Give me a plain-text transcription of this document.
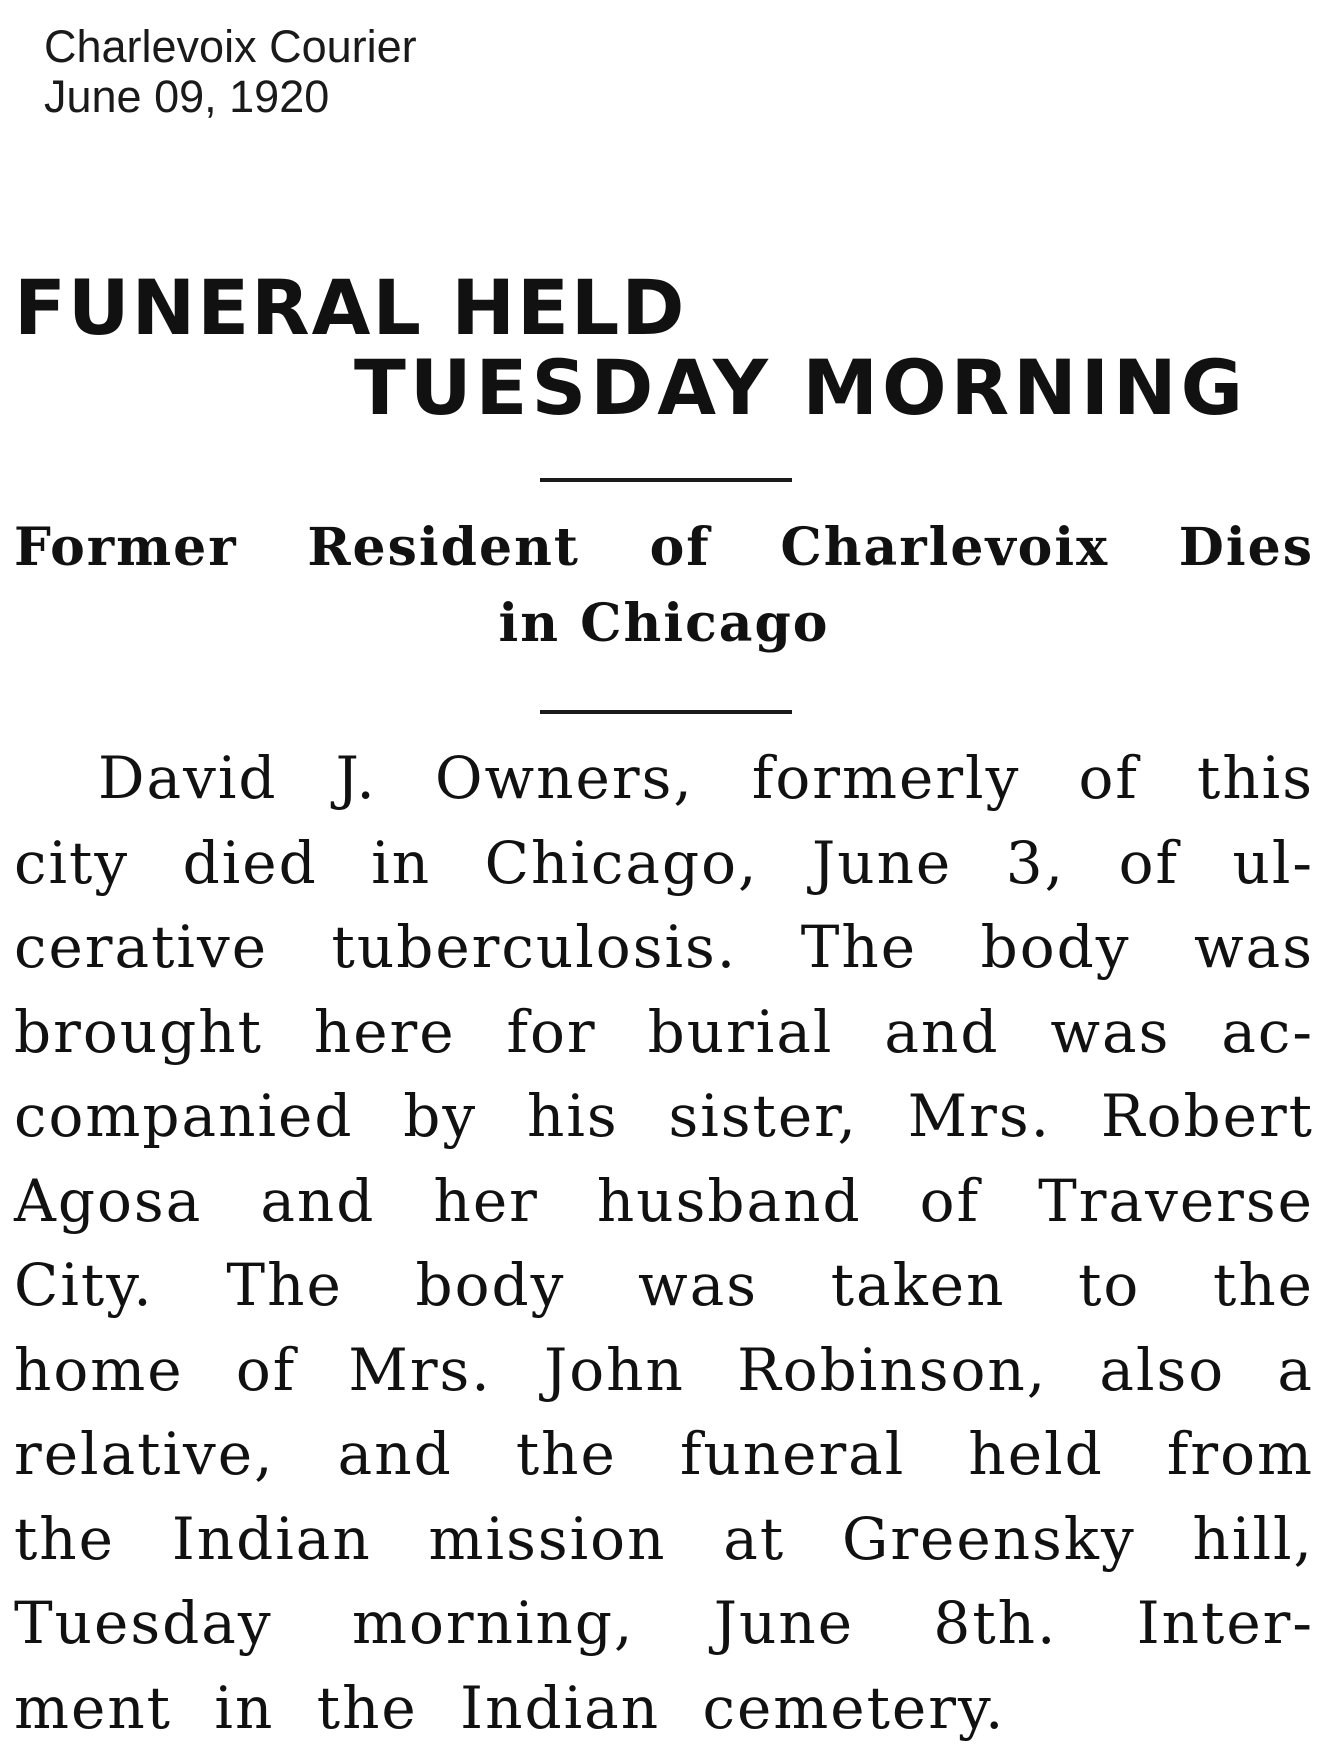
Charlevoix Courier
June 09, 1920
FUNERAL HELD
TUESDAY MORNING
Former Resident of Charlevoix Dies
in Chicago
David J. Owners, formerly of this
city died in Chicago, June 3, of ul-
cerative tuberculosis. The body was
brought here for burial and was ac-
companied by his sister, Mrs. Robert
Agosa and her husband of Traverse
City. The body was taken to the
home of Mrs. John Robinson, also a
relative, and the funeral held from
the Indian mission at Greensky hill,
Tuesday morning, June 8th. Inter-
ment in the Indian cemetery.
